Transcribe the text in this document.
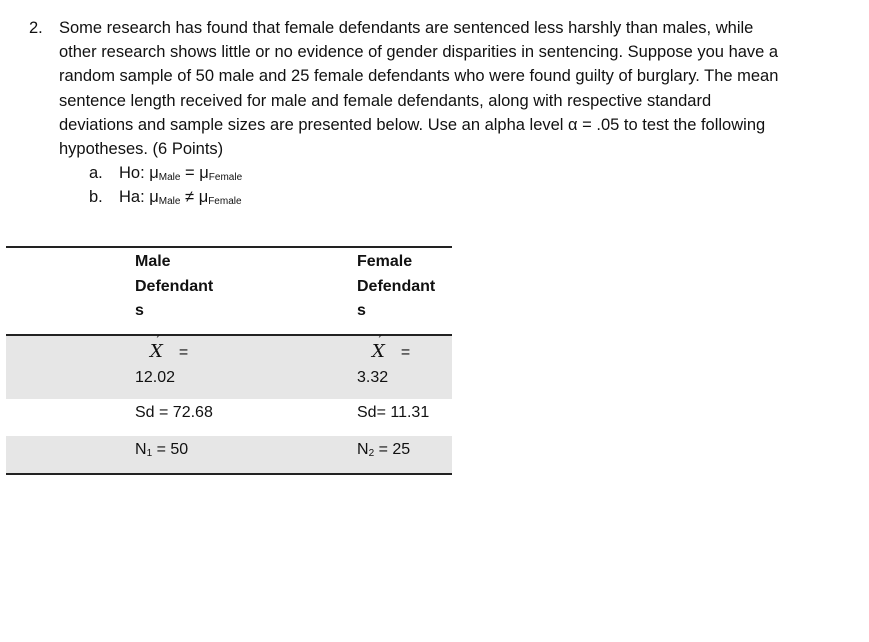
2. Some research has found that female defendants are sentenced less harshly than males, while other research shows little or no evidence of gender disparities in sentencing. Suppose you have a random sample of 50 male and 25 female defendants who were found guilty of burglary. The mean sentence length received for male and female defendants, along with respective standard deviations and sample sizes are presented below. Use an alpha level α = .05 to test the following hypotheses. (6 Points)
a. Ho: $\mu_{Male} = \mu_{Female}$
b. Ha: $\mu_{Male} \ne \mu_{Female}$
Male Defendant s
Female Defendant s
ˊ X =
12.02
ˊ X =
3.32
Sd = 72.68	Sd= 11.31
$N_1 = 50$	$N_2 = 25$
